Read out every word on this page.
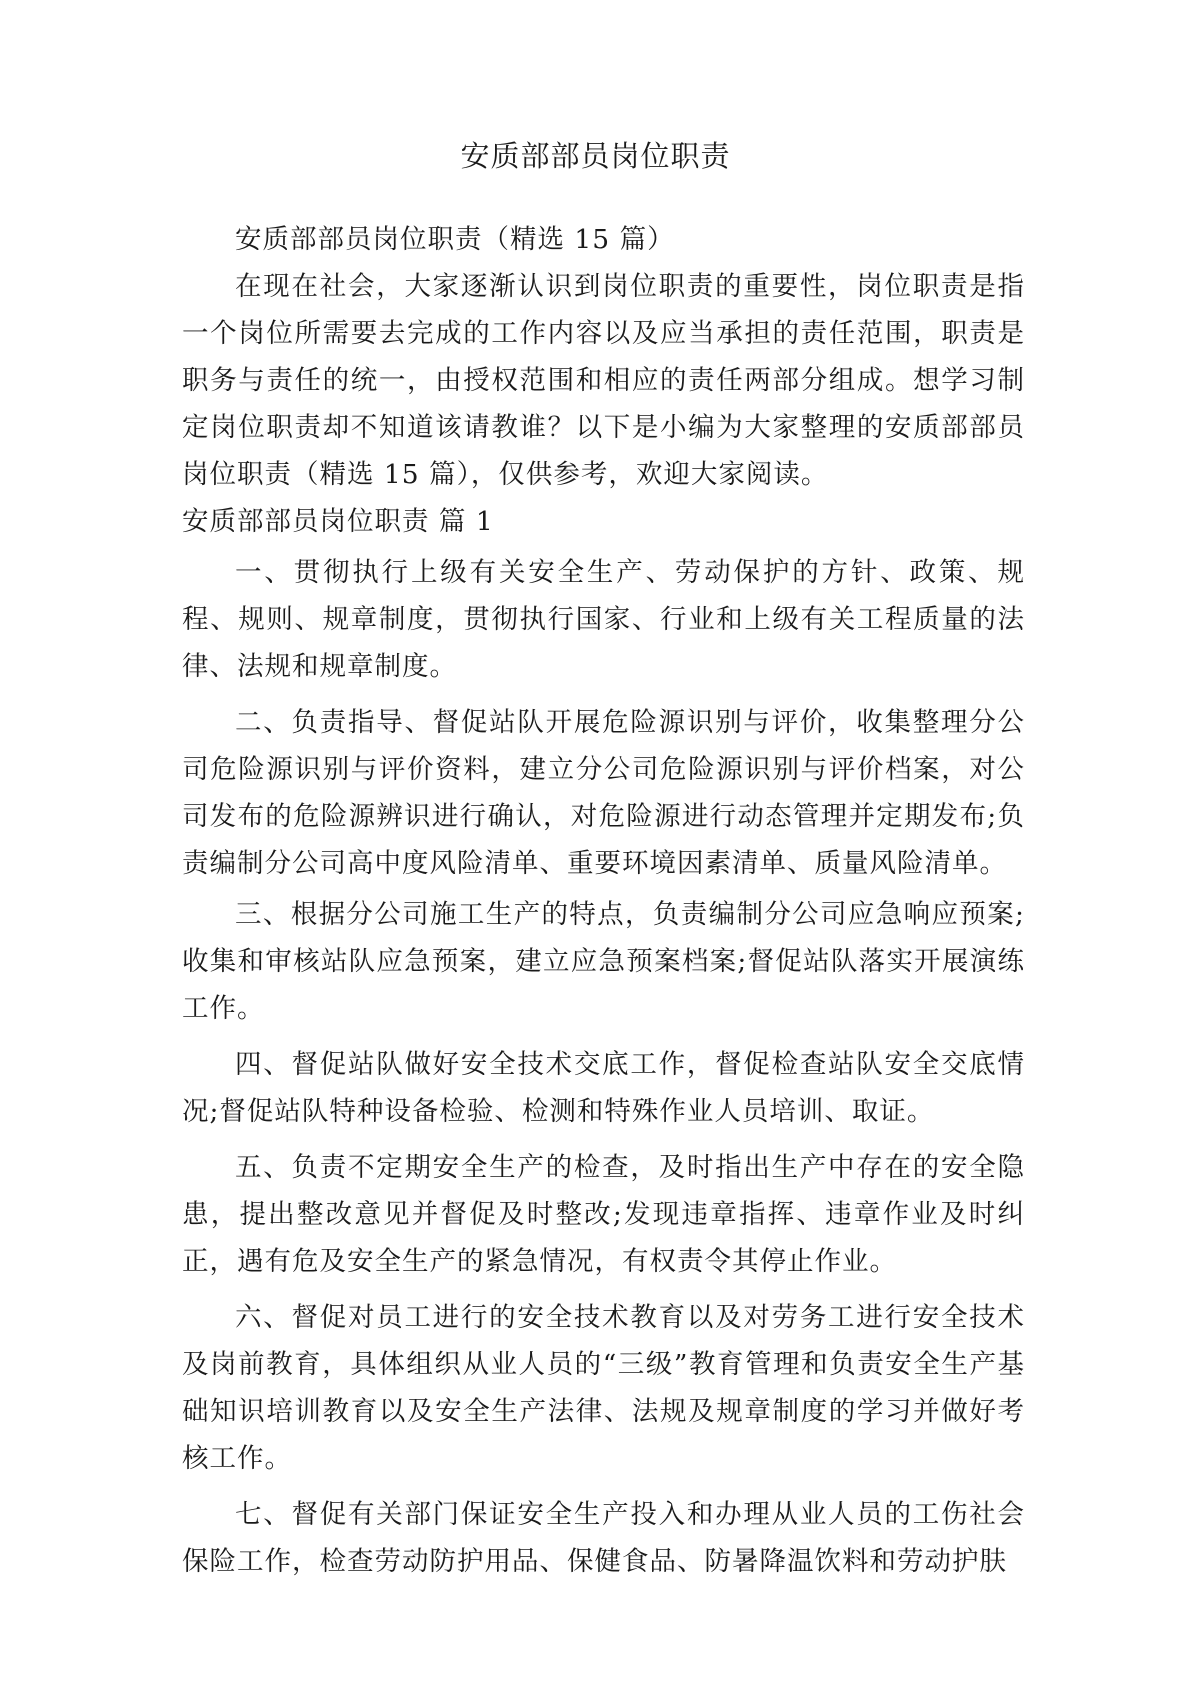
安质部部员岗位职责

安质部部员岗位职责（精选 15 篇）

在现在社会，大家逐渐认识到岗位职责的重要性，岗位职责是指一个岗位所需要去完成的工作内容以及应当承担的责任范围，职责是职务与责任的统一，由授权范围和相应的责任两部分组成。想学习制定岗位职责却不知道该请教谁？以下是小编为大家整理的安质部部员岗位职责（精选 15 篇），仅供参考，欢迎大家阅读。

安质部部员岗位职责 篇 1

一、贯彻执行上级有关安全生产、劳动保护的方针、政策、规程、规则、规章制度，贯彻执行国家、行业和上级有关工程质量的法律、法规和规章制度。

二、负责指导、督促站队开展危险源识别与评价，收集整理分公司危险源识别与评价资料，建立分公司危险源识别与评价档案，对公司发布的危险源辨识进行确认，对危险源进行动态管理并定期发布;负责编制分公司高中度风险清单、重要环境因素清单、质量风险清单。

三、根据分公司施工生产的特点，负责编制分公司应急响应预案;收集和审核站队应急预案，建立应急预案档案;督促站队落实开展演练工作。

四、督促站队做好安全技术交底工作，督促检查站队安全交底情况;督促站队特种设备检验、检测和特殊作业人员培训、取证。

五、负责不定期安全生产的检查，及时指出生产中存在的安全隐患，提出整改意见并督促及时整改;发现违章指挥、违章作业及时纠正，遇有危及安全生产的紧急情况，有权责令其停止作业。

六、督促对员工进行的安全技术教育以及对劳务工进行安全技术及岗前教育，具体组织从业人员的“三级”教育管理和负责安全生产基础知识培训教育以及安全生产法律、法规及规章制度的学习并做好考核工作。

七、督促有关部门保证安全生产投入和办理从业人员的工伤社会保险工作，检查劳动防护用品、保健食品、防暑降温饮料和劳动护肤
